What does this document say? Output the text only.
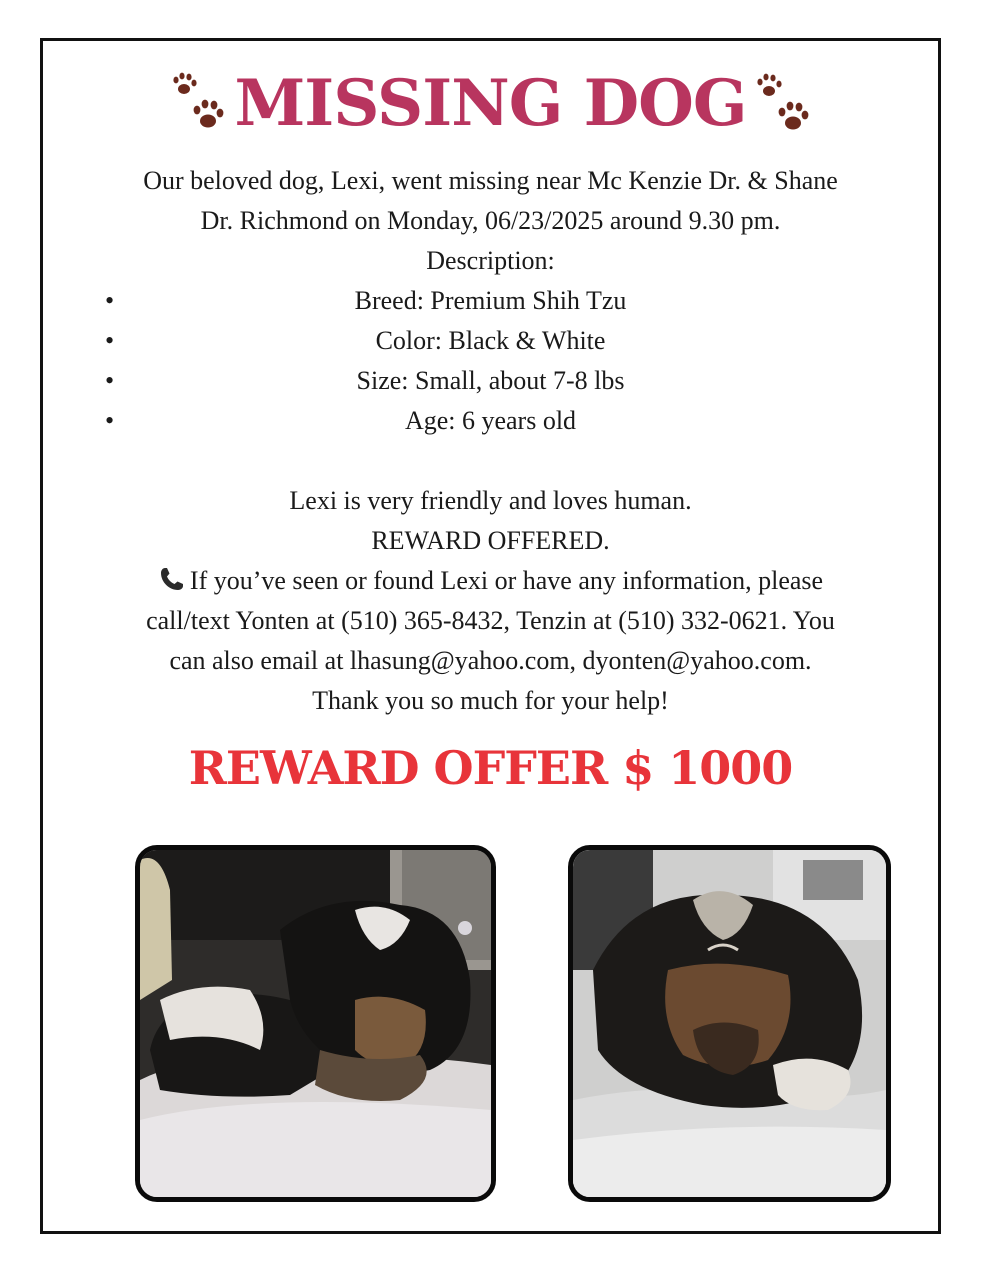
MISSING DOG
Our beloved dog, Lexi, went missing near Mc Kenzie Dr. & Shane
Dr. Richmond on Monday, 06/23/2025 around 9.30 pm.
Description:
•	Breed: Premium Shih Tzu
•	Color: Black & White
•	Size: Small, about 7-8 lbs
•	Age: 6 years old
Lexi is very friendly and loves human.
REWARD OFFERED.
If you’ve seen or found Lexi or have any information, please
call/text Yonten at (510) 365-8432, Tenzin at (510) 332-0621. You
can also email at lhasung@yahoo.com, dyonten@yahoo.com.
Thank you so much for your help!
REWARD OFFER $ 1000
